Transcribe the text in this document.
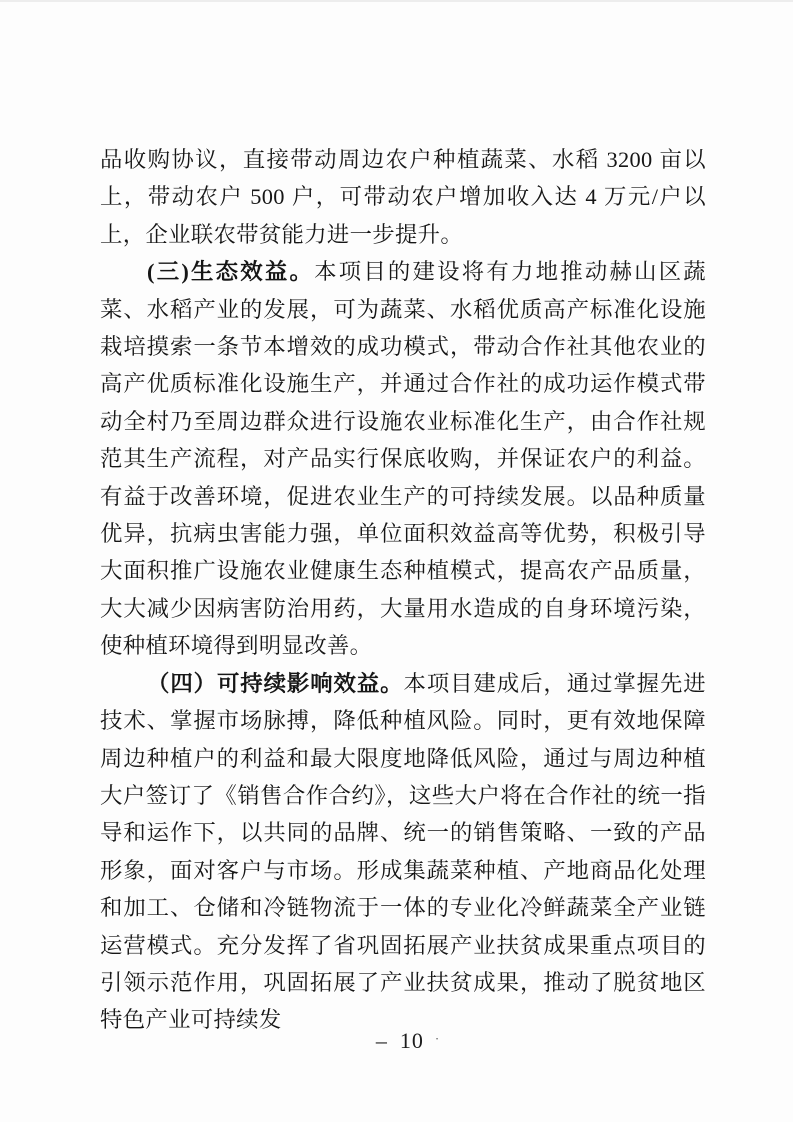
品收购协议，直接带动周边农户种植蔬菜、水稻 3200 亩以上，带动农户 500 户，可带动农户增加收入达 4 万元/户以上，企业联农带贫能力进一步提升。

(三)生态效益。本项目的建设将有力地推动赫山区蔬菜、水稻产业的发展，可为蔬菜、水稻优质高产标准化设施栽培摸索一条节本增效的成功模式，带动合作社其他农业的高产优质标准化设施生产，并通过合作社的成功运作模式带动全村乃至周边群众进行设施农业标准化生产，由合作社规范其生产流程，对产品实行保底收购，并保证农户的利益。有益于改善环境，促进农业生产的可持续发展。以品种质量优异，抗病虫害能力强，单位面积效益高等优势，积极引导大面积推广设施农业健康生态种植模式，提高农产品质量，大大减少因病害防治用药，大量用水造成的自身环境污染，使种植环境得到明显改善。

（四）可持续影响效益。本项目建成后，通过掌握先进技术、掌握市场脉搏，降低种植风险。同时，更有效地保障周边种植户的利益和最大限度地降低风险，通过与周边种植大户签订了《销售合作合约》，这些大户将在合作社的统一指导和运作下，以共同的品牌、统一的销售策略、一致的产品形象，面对客户与市场。形成集蔬菜种植、产地商品化处理和加工、仓储和冷链物流于一体的专业化冷鲜蔬菜全产业链运营模式。充分发挥了省巩固拓展产业扶贫成果重点项目的引领示范作用，巩固拓展了产业扶贫成果，推动了脱贫地区特色产业可持续发

– 10 ·
